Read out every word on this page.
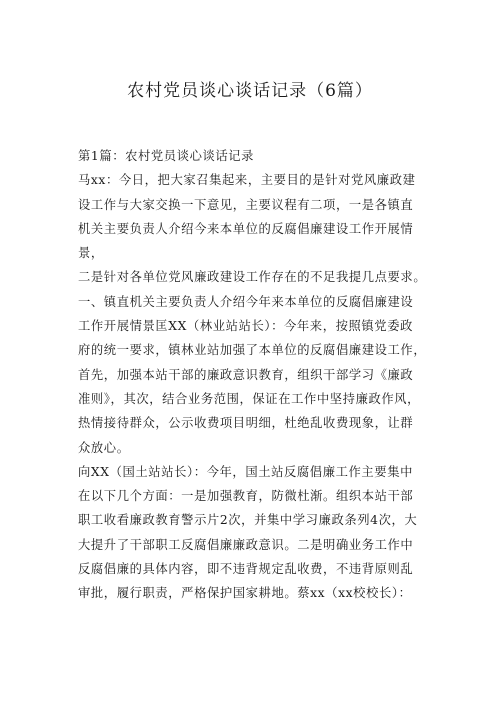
农村党员谈心谈话记录（6篇）
第1篇：农村党员谈心谈话记录
马xx：今日，把大家召集起来，主要目的是针对党风廉政建
设工作与大家交换一下意见，主要议程有二项，一是各镇直
机关主要负责人介绍今来本单位的反腐倡廉建设工作开展情
景，
二是针对各单位党风廉政建设工作存在的不足我提几点要求。
一、镇直机关主要负责人介绍今年来本单位的反腐倡廉建设
工作开展情景匡XX（林业站站长）：今年来，按照镇党委政
府的统一要求，镇林业站加强了本单位的反腐倡廉建设工作，
首先，加强本站干部的廉政意识教育，组织干部学习《廉政
准则》，其次，结合业务范围，保证在工作中坚持廉政作风，
热情接待群众，公示收费项目明细，杜绝乱收费现象，让群
众放心。
向XX（国土站站长）：今年，国土站反腐倡廉工作主要集中
在以下几个方面：一是加强教育，防微杜渐。组织本站干部
职工收看廉政教育警示片2次，并集中学习廉政条列4次，大
大提升了干部职工反腐倡廉廉政意识。二是明确业务工作中
反腐倡廉的具体内容，即不违背规定乱收费，不违背原则乱
审批，履行职责，严格保护国家耕地。蔡xx（xx校校长）：
